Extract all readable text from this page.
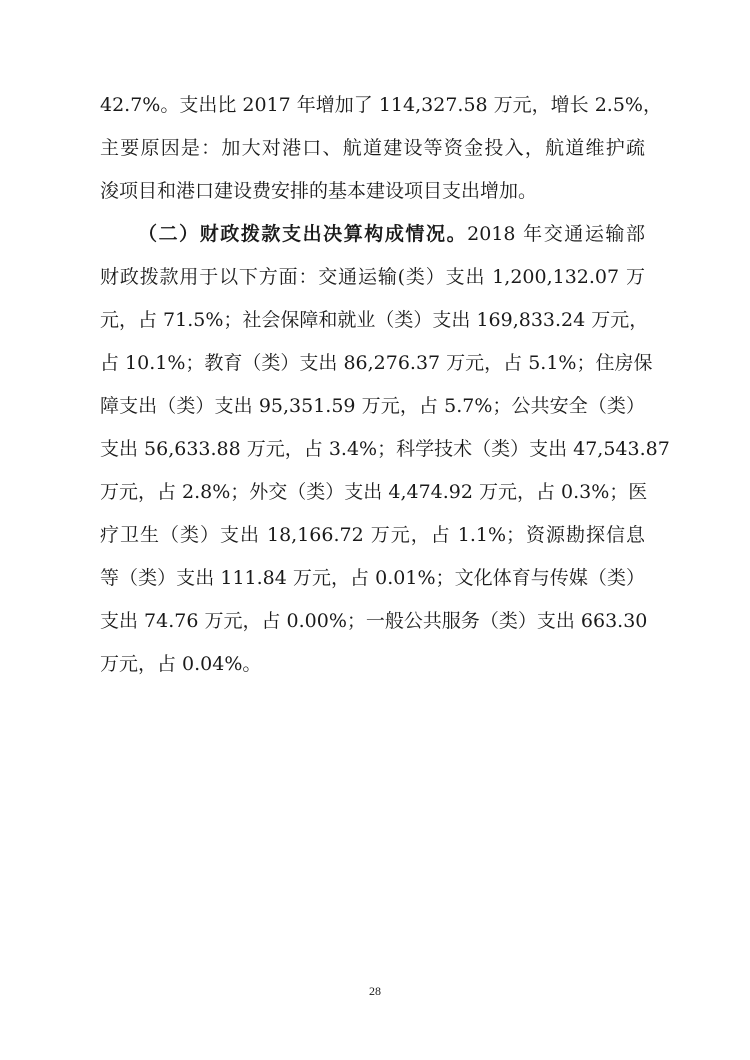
42.7%。支出比 2017 年增加了 114,327.58 万元，增长 2.5%，
主要原因是：加大对港口、航道建设等资金投入，航道维护疏
浚项目和港口建设费安排的基本建设项目支出增加。
（二）财政拨款支出决算构成情况。2018 年交通运输部
财政拨款用于以下方面：交通运输(类）支出 1,200,132.07 万
元，占 71.5%；社会保障和就业（类）支出 169,833.24 万元，
占 10.1%；教育（类）支出 86,276.37 万元，占 5.1%；住房保
障支出（类）支出 95,351.59 万元，占 5.7%；公共安全（类）
支出 56,633.88 万元，占 3.4%；科学技术（类）支出 47,543.87
万元，占 2.8%；外交（类）支出 4,474.92 万元，占 0.3%；医
疗卫生（类）支出 18,166.72 万元，占 1.1%；资源勘探信息
等（类）支出 111.84 万元，占 0.01%；文化体育与传媒（类）
支出 74.76 万元，占 0.00%；一般公共服务（类）支出 663.30
万元，占 0.04%。
28
